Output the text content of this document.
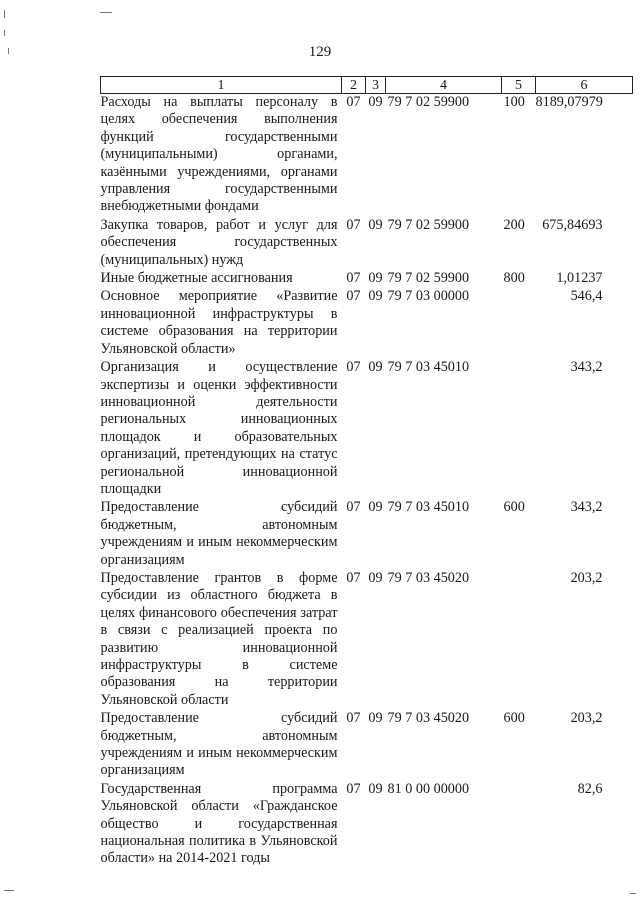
129
1	2	3	4	5	6
Расходы на выплаты персоналу в целях обеспечения выполнения функций государственными (муниципальными) органами, казёнными учреждениями, органами управления государственными внебюджетными фондами	07	09	79 7 02 59900	100	8189,07979
Закупка товаров, работ и услуг для обеспечения государственных (муниципальных) нужд	07	09	79 7 02 59900	200	675,84693
Иные бюджетные ассигнования	07	09	79 7 02 59900	800	1,01237
Основное мероприятие «Развитие инновационной инфраструктуры в системе образования на территории Ульяновской области»	07	09	79 7 03 00000		546,4
Организация и осуществление экспертизы и оценки эффективности инновационной деятельности региональных инновационных площадок и образовательных организаций, претендующих на статус региональной инновационной площадки	07	09	79 7 03 45010		343,2
Предоставление субсидий бюджетным, автономным учреждениям и иным некоммерческим организациям	07	09	79 7 03 45010	600	343,2
Предоставление грантов в форме субсидии из областного бюджета в целях финансового обеспечения затрат в связи с реализацией проекта по развитию инновационной инфраструктуры в системе образования на территории Ульяновской области	07	09	79 7 03 45020		203,2
Предоставление субсидий бюджетным, автономным учреждениям и иным некоммерческим организациям	07	09	79 7 03 45020	600	203,2
Государственная программа Ульяновской области «Гражданское общество и государственная национальная политика в Ульяновской области» на 2014-2021 годы	07	09	81 0 00 00000		82,6
